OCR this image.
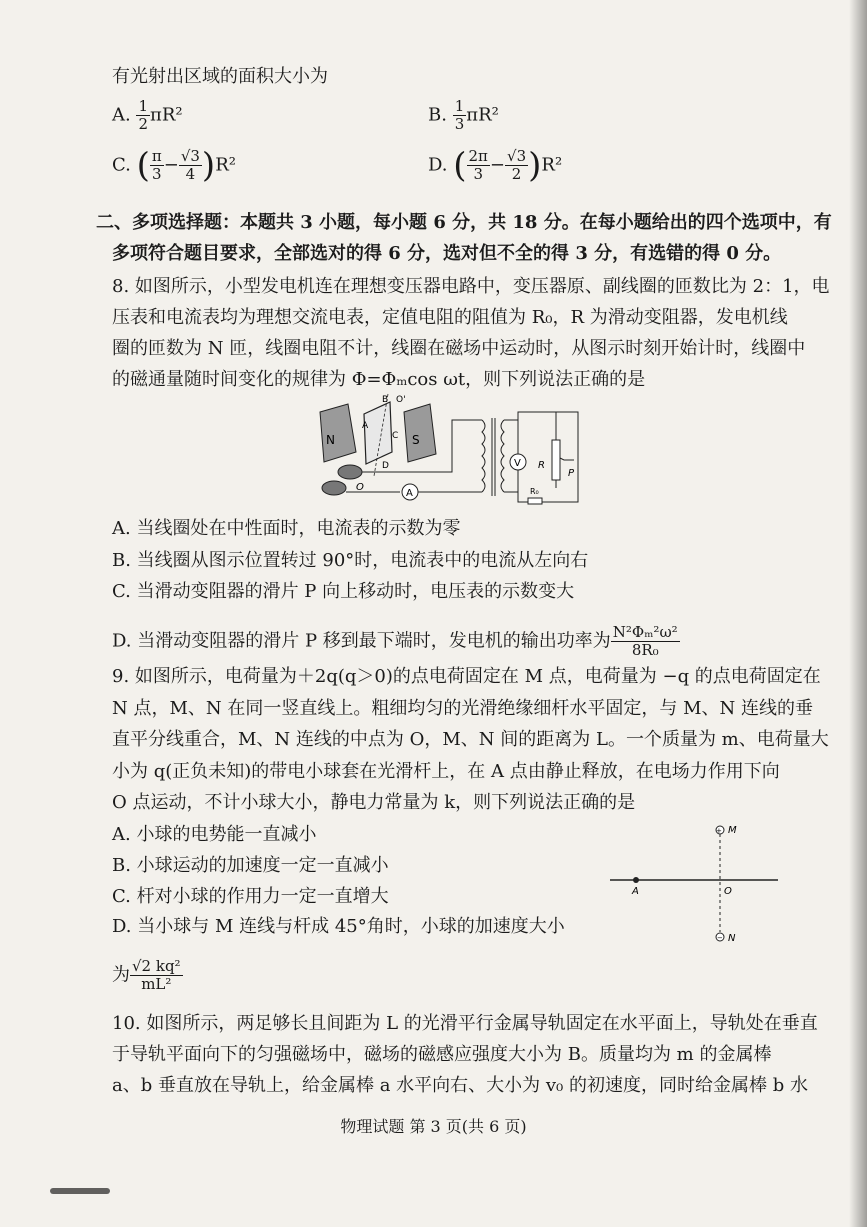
有光射出区域的面积大小为
A. $\frac{1}{2} \pi R^2$	B. $\frac{1}{3} \pi R^2$
C. ( $\frac{\pi}{3} - \frac{√3}{4} )R^2$	D. ( $\frac{2\pi}{3} - \frac{√3}{2} )R^2$
二、多项选择题：本题共 3 小题，每小题 6 分，共 18 分。在每小题给出的四个选项中，有
多项符合题目要求，全部选对的得 6 分，选对但不全的得 3 分，有选错的得 0 分。
8. 如图所示，小型发电机连在理想变压器电路中，变压器原、副线圈的匝数比为 2：1，电
压表和电流表均为理想交流电表，定值电阻的阻值为 R₀，R 为滑动变阻器，发电机线
圈的匝数为 N 匝，线圈电阻不计，线圈在磁场中运动时，从图示时刻开始计时，线圈中
的磁通量随时间变化的规律为 Φ=Φₘcos ωt，则下列说法正确的是
N	S
B O'
A
C
D
O
A
V R
P
R₀
A. 当线圈处在中性面时，电流表的示数为零
B. 当线圈从图示位置转过 90°时，电流表中的电流从左向右
C. 当滑动变阻器的滑片 P 向上移动时，电压表的示数变大
D. 当滑动变阻器的滑片 P 移到最下端时，发电机的输出功率为 $\frac{\text{N²Φₘ²ω²}}{\text{8R₀}}$
9. 如图所示，电荷量为＋2q(q＞0)的点电荷固定在 M 点，电荷量为 −q 的点电荷固定在
N 点，M、N 在同一竖直线上。粗细均匀的光滑绝缘细杆水平固定，与 M、N 连线的垂
直平分线重合，M、N 连线的中点为 O，M、N 间的距离为 L。一个质量为 m、电荷量大
小为 q(正负未知)的带电小球套在光滑杆上，在 A 点由静止释放，在电场力作用下向
O 点运动，不计小球大小，静电力常量为 k，则下列说法正确的是
A. 小球的电势能一直减小
B. 小球运动的加速度一定一直减小
C. 杆对小球的作用力一定一直增大
D. 当小球与 M 连线与杆成 45°角时，小球的加速度大小
为 $\frac{\text{√2 kq²}}{\text{mL²}}$
+ M
− N
A	O
10. 如图所示，两足够长且间距为 L 的光滑平行金属导轨固定在水平面上，导轨处在垂直
于导轨平面向下的匀强磁场中，磁场的磁感应强度大小为 B。质量均为 m 的金属棒
a、b 垂直放在导轨上，给金属棒 a 水平向右、大小为 v₀ 的初速度，同时给金属棒 b 水
物理试题 第 3 页(共 6 页)
